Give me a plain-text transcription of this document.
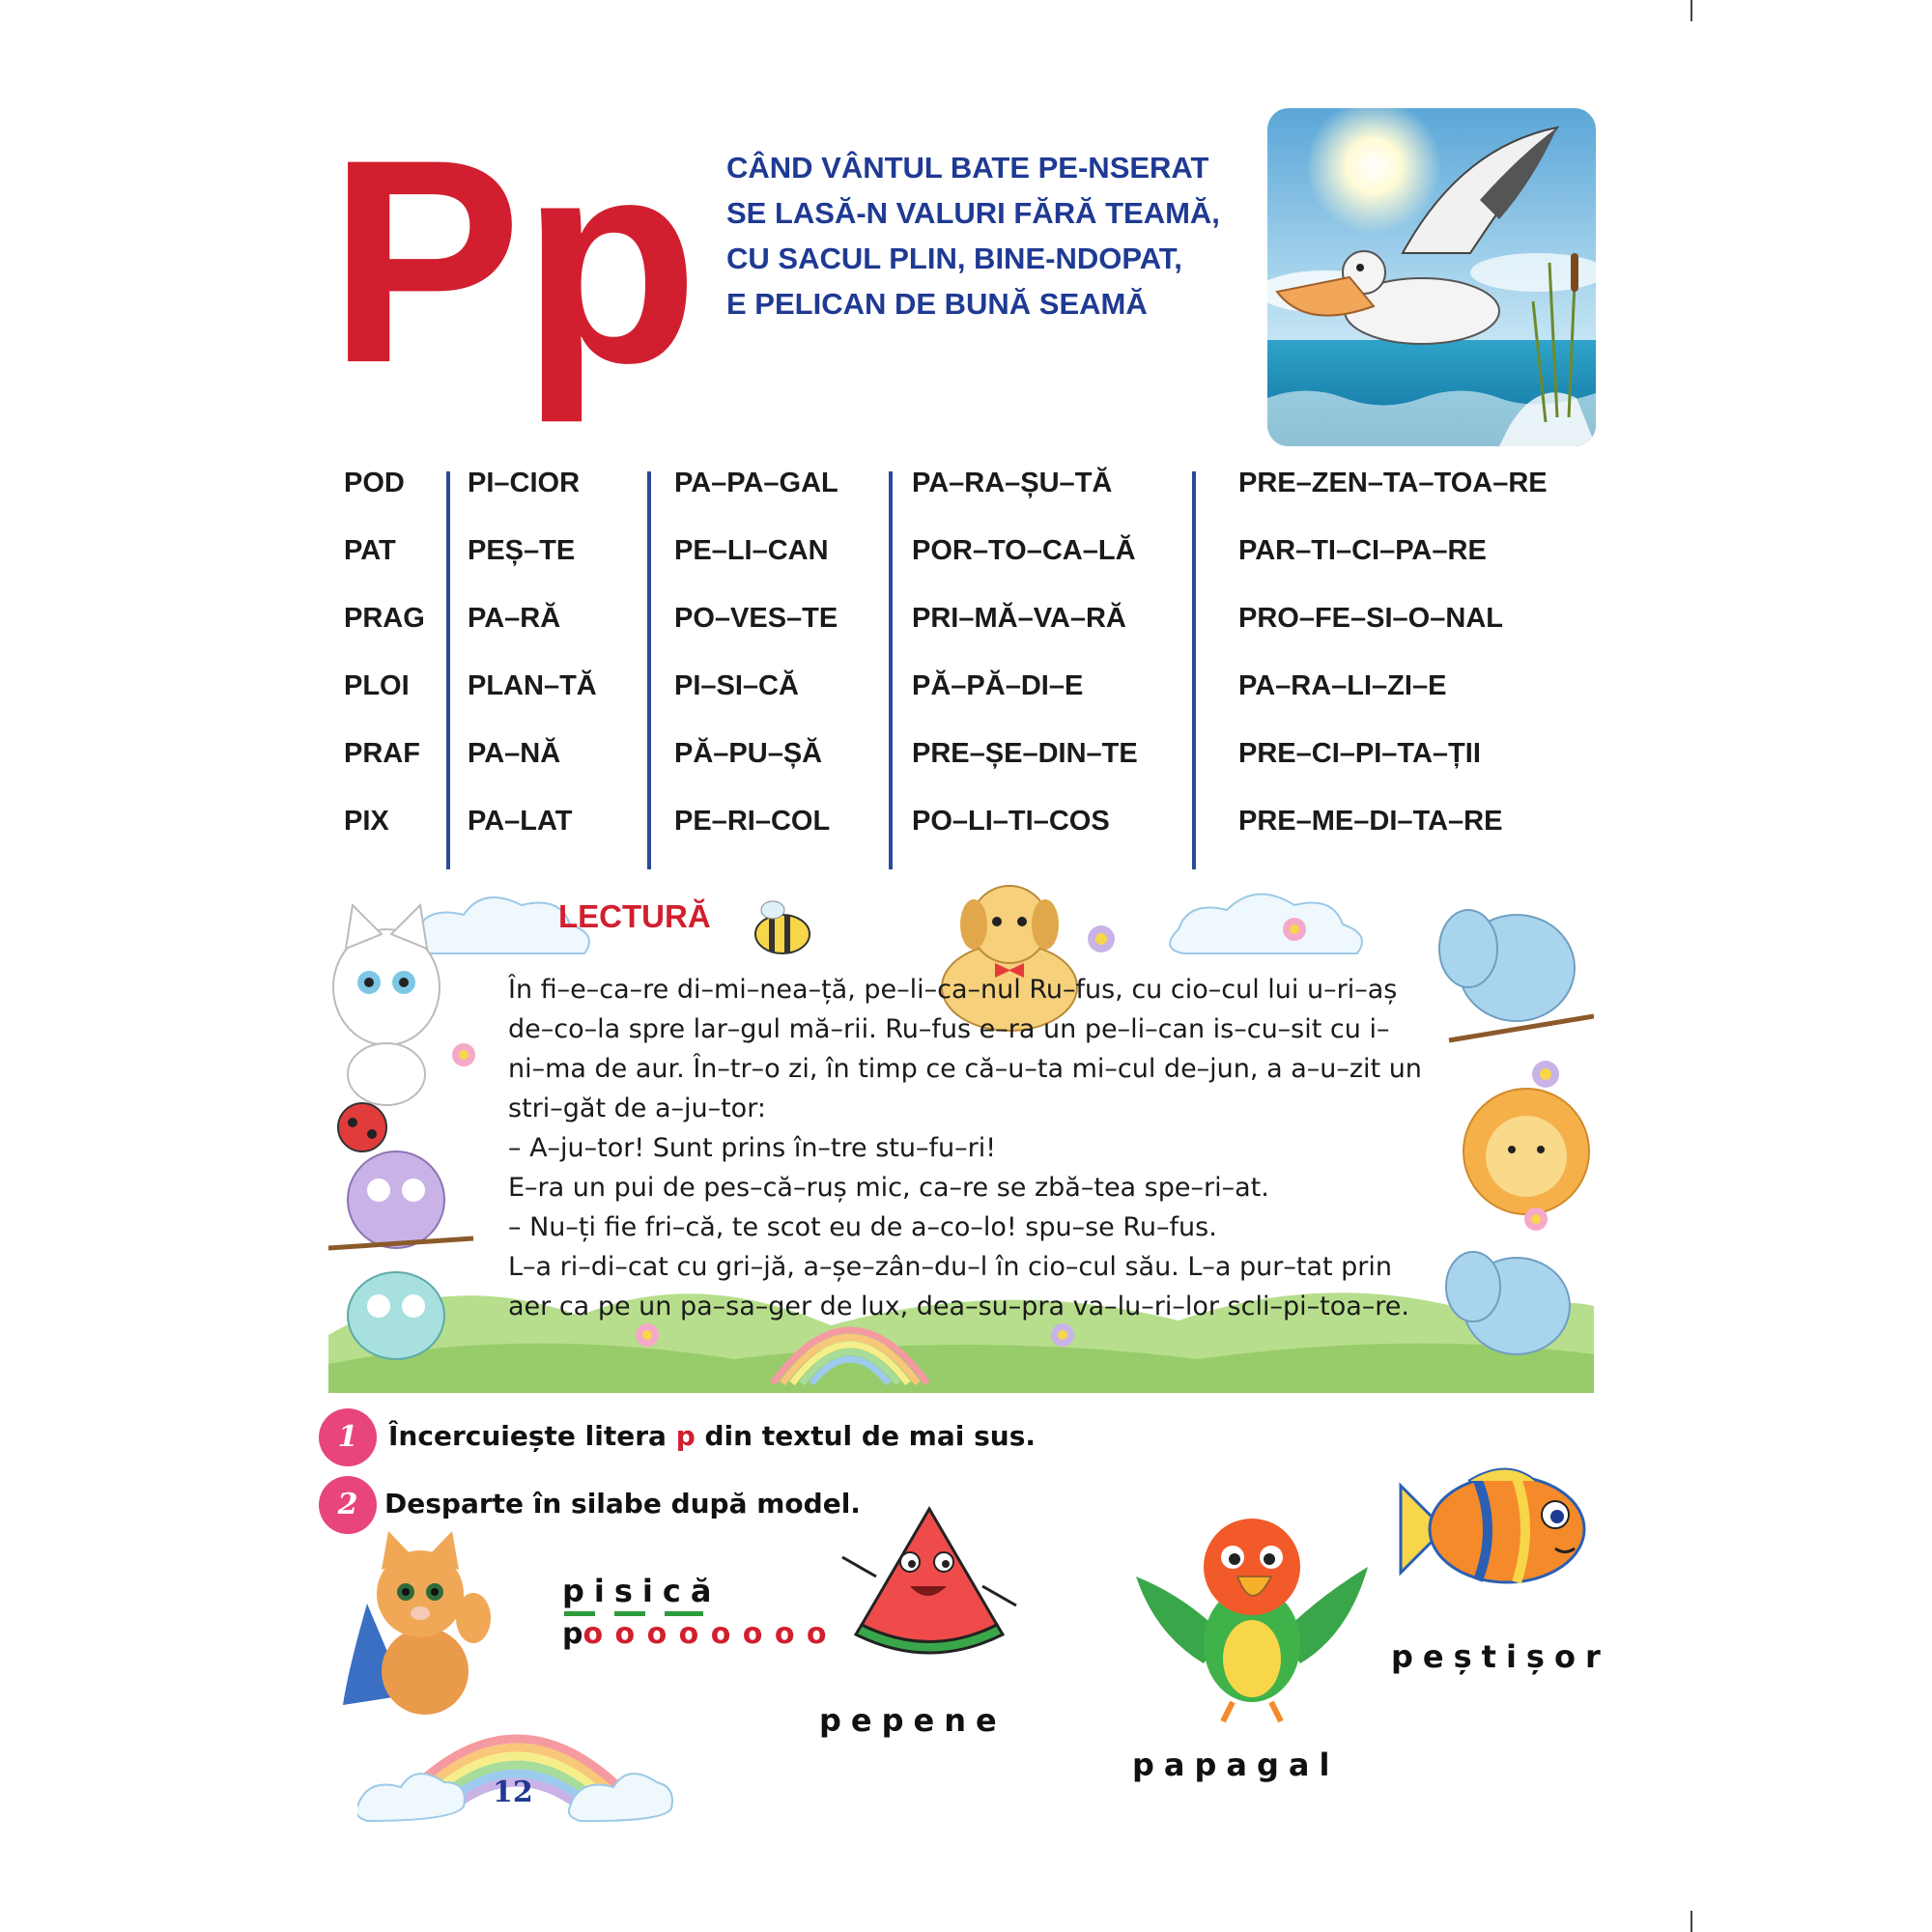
P p CÂND VÂNTUL BATE PE-NSERAT
SE LASĂ-N VALURI FĂRĂ TEAMĂ,
CU SACUL PLIN, BINE-NDOPAT,
E PELICAN DE BUNĂ SEAMĂ
POD
PAT
PRAG
PLOI
PRAF
PIX
PI–CIOR
PEȘ–TE
PA–RĂ
PLAN–TĂ
PA–NĂ
PA–LAT
PA–PA–GAL
PE–LI–CAN
PO–VES–TE
PI–SI–CĂ
PĂ–PU–ȘĂ
PE–RI–COL
PA–RA–ȘU–TĂ
POR–TO–CA–LĂ
PRI–MĂ–VA–RĂ
PĂ–PĂ–DI–E
PRE–ȘE–DIN–TE
PO–LI–TI–COS
PRE–ZEN–TA–TOA–RE
PAR–TI–CI–PA–RE
PRO–FE–SI–O–NAL
PA–RA–LI–ZI–E
PRE–CI–PI–TA–ȚII
PRE–ME–DI–TA–RE
LECTURĂ
În fi–e–ca–re di–mi–nea–ță, pe–li–ca–nul Ru–fus, cu cio–cul lui u–ri–aș
de–co–la spre lar–gul mă–rii. Ru–fus e–ra un pe–li–can is–cu–sit cu i–
ni–ma de aur. În–tr–o zi, în timp ce că–u–ta mi–cul de–jun, a a–u–zit un
stri–găt de a–ju–tor:
– A–ju–tor! Sunt prins în–tre stu–fu–ri!
E–ra un pui de pes–că–ruș mic, ca–re se zbă–tea spe–ri–at.
– Nu–ți fie fri–că, te scot eu de a–co–lo! spu–se Ru–fus.
L–a ri–di–cat cu gri–jă, a–șe–zân–du–l în cio–cul său. L–a pur–tat prin
aer ca pe un pa–sa–ger de lux, dea–su–pra va–lu–ri–lor scli–pi–toa–re.
1	Încercuiește litera p din textul de mai sus.
2 Desparte în silabe după model.
12
pisică
po o o o o o o o
pepene
papagal
peștișor
